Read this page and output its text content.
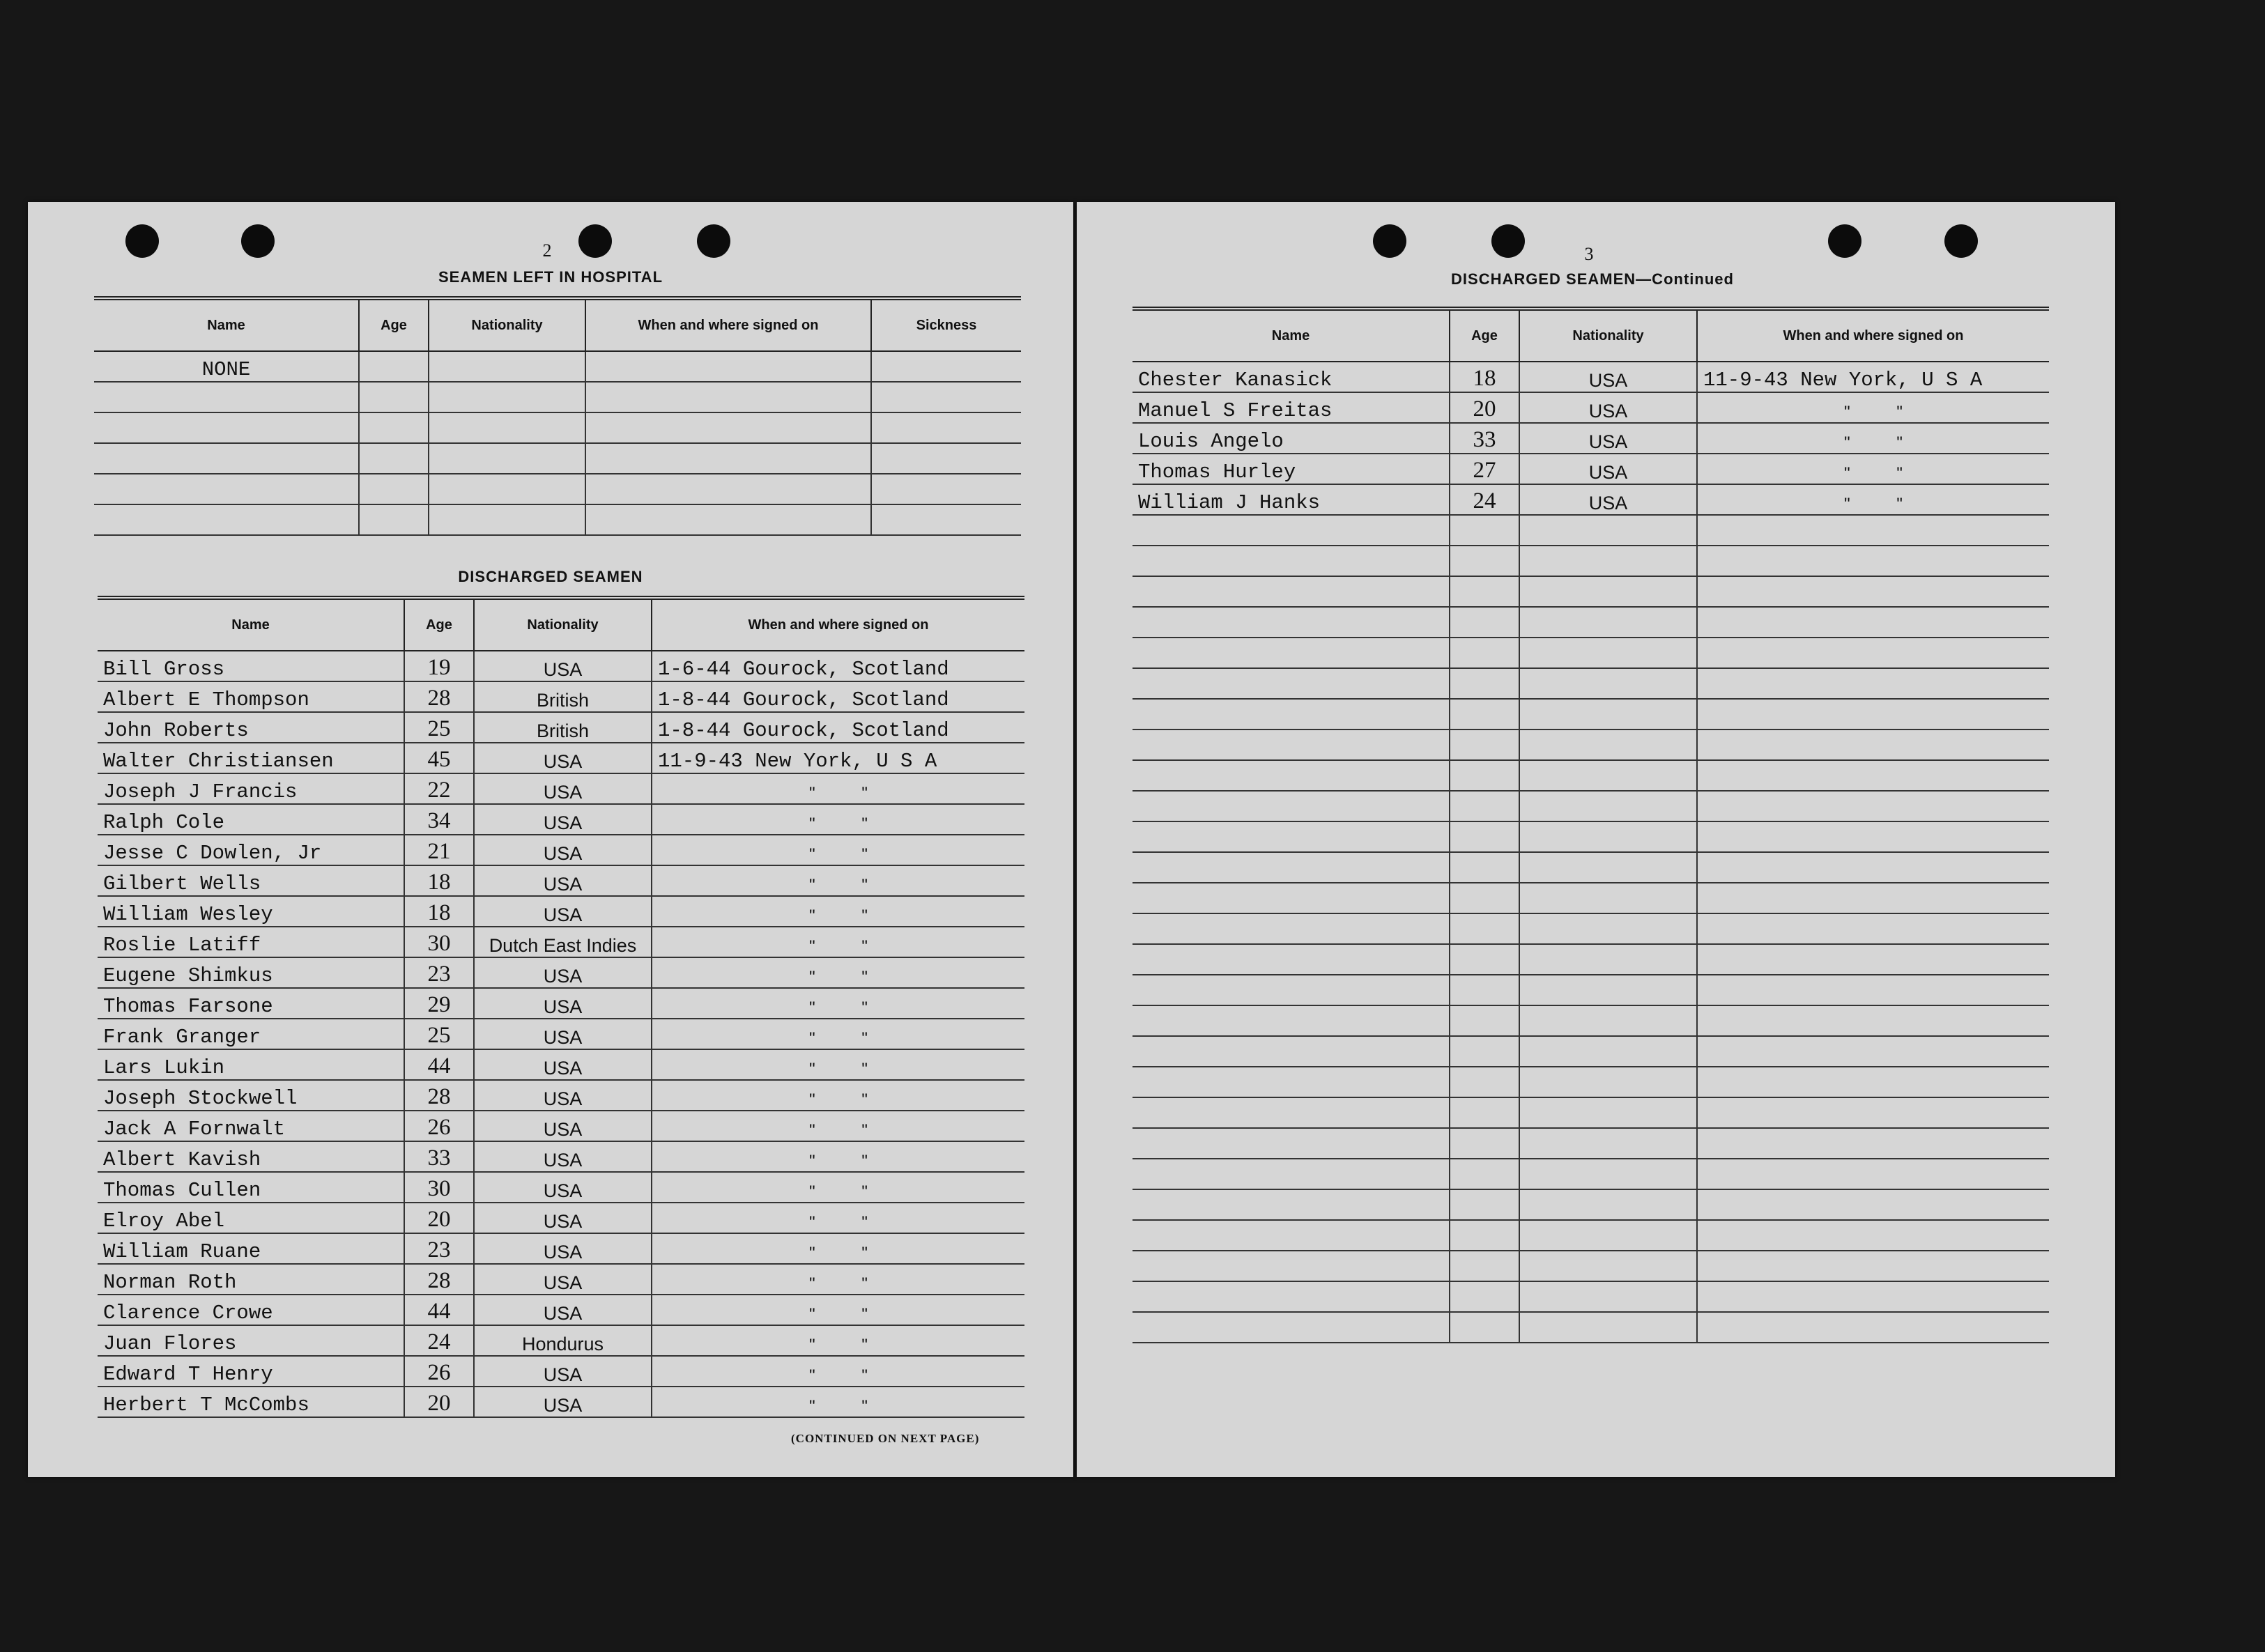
2
SEAMEN LEFT IN HOSPITAL
Name	Age	Nationality	When and where signed on	Sickness
NONE				

DISCHARGED SEAMEN
Name	Age	Nationality	When and where signed on
Bill Gross	19	USA	1-6-44 Gourock, Scotland
Albert E Thompson	28	British	1-8-44 Gourock, Scotland
John Roberts	25	British	1-8-44 Gourock, Scotland
Walter Christiansen	45	USA	11-9-43 New York, U S A
Joseph J Francis	22	USA	" "
Ralph Cole	34	USA	" "
Jesse C Dowlen, Jr	21	USA	" "
Gilbert Wells	18	USA	" "
William Wesley	18	USA	" "
Roslie Latiff	30	Dutch East Indies	" "
Eugene Shimkus	23	USA	" "
Thomas Farsone	29	USA	" "
Frank Granger	25	USA	" "
Lars Lukin	44	USA	" "
Joseph Stockwell	28	USA	" "
Jack A Fornwalt	26	USA	" "
Albert Kavish	33	USA	" "
Thomas Cullen	30	USA	" "
Elroy Abel	20	USA	" "
William Ruane	23	USA	" "
Norman Roth	28	USA	" "
Clarence Crowe	44	USA	" "
Juan Flores	24	Hondurus	" "
Edward T Henry	26	USA	" "
Herbert T McCombs	20	USA	" "
(CONTINUED ON NEXT PAGE)
3
DISCHARGED SEAMEN—Continued
Name	Age	Nationality	When and where signed on
Chester Kanasick	18	USA	11-9-43 New York, U S A
Manuel S Freitas	20	USA	" "
Louis Angelo	33	USA	" "
Thomas Hurley	27	USA	" "
William J Hanks	24	USA	" "
